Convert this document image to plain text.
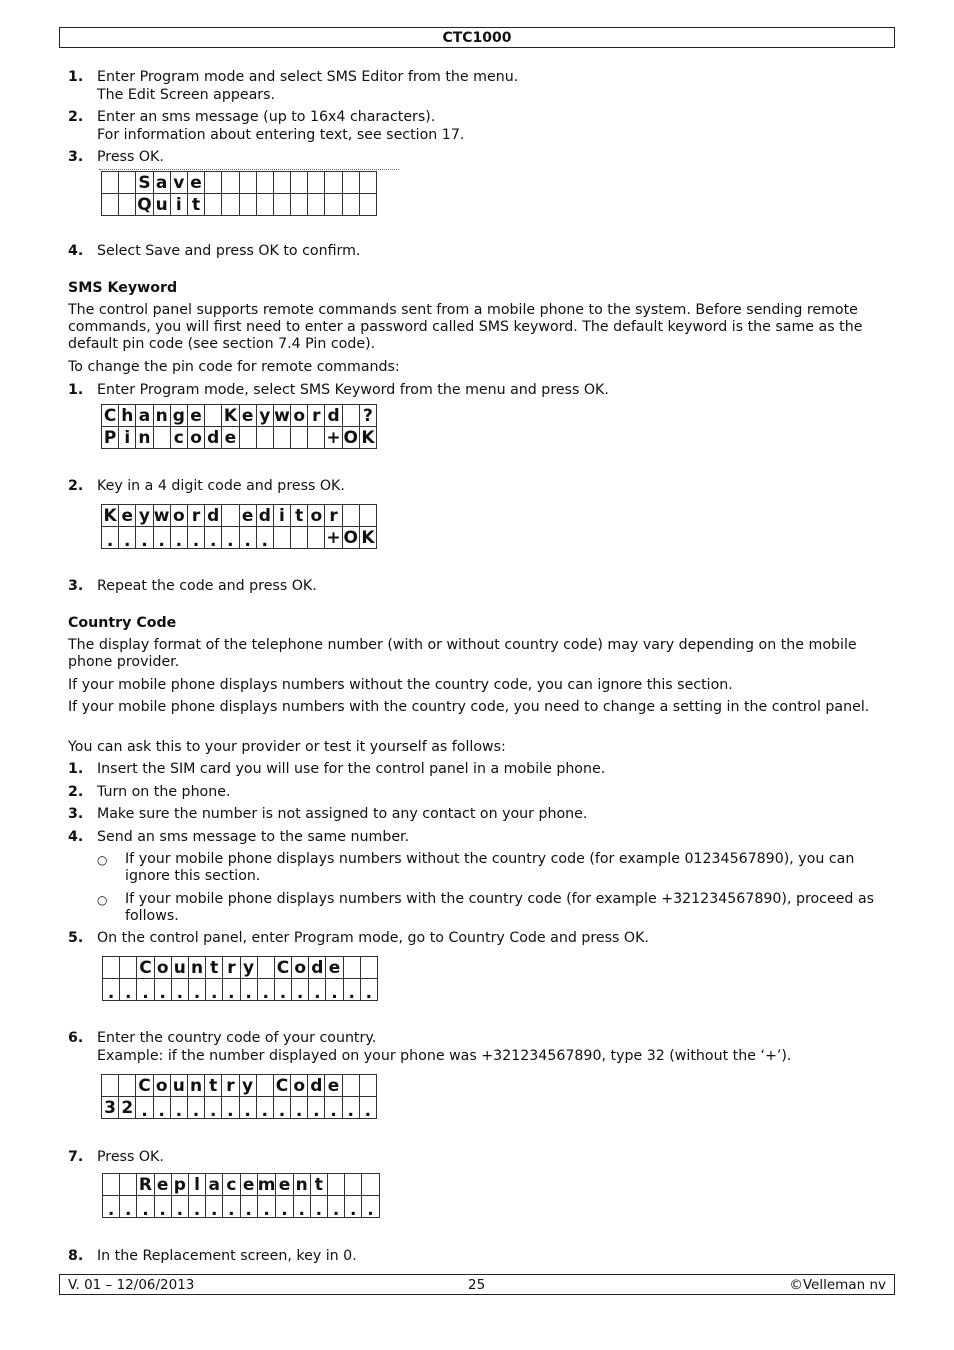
CTC1000
1. Enter Program mode and select SMS Editor from the menu.
The Edit Screen appears.
2. Enter an sms message (up to 16x4 characters).
For information about entering text, see section 17.
3. Press OK.
		S	a	v	e										
		Q	u	i	t										
4. Select Save and press OK to confirm.
SMS Keyword
The control panel supports remote commands sent from a mobile phone to the system. Before sending remote commands, you will first need to enter a password called SMS keyword. The default keyword is the same as the default pin code (see section 7.4 Pin code).
To change the pin code for remote commands:
1. Enter Program mode, select SMS Keyword from the menu and press OK.
C	h	a	n	g	e		K	e	y	w	o	r	d		?
P	i	n		c	o	d	e						+	O	K
2. Key in a 4 digit code and press OK.
K	e	y	w	o	r	d		e	d	i	t	o	r		
.	.	.	.	.	.	.	.	.	.				+	O	K
3. Repeat the code and press OK.
Country Code
The display format of the telephone number (with or without country code) may vary depending on the mobile phone provider.
If your mobile phone displays numbers without the country code, you can ignore this section.
If your mobile phone displays numbers with the country code, you need to change a setting in the control panel.
You can ask this to your provider or test it yourself as follows:
1. Insert the SIM card you will use for the control panel in a mobile phone.
2. Turn on the phone.
3. Make sure the number is not assigned to any contact on your phone.
4. Send an sms message to the same number.
○ If your mobile phone displays numbers without the country code (for example 01234567890), you can ignore this section.
○ If your mobile phone displays numbers with the country code (for example +321234567890), proceed as follows.
5. On the control panel, enter Program mode, go to Country Code and press OK.
		C	o	u	n	t	r	y		C	o	d	e		
.	.	.	.	.	.	.	.	.	.	.	.	.	.	.	.
6. Enter the country code of your country.
Example: if the number displayed on your phone was +321234567890, type 32 (without the ‘+’).
		C	o	u	n	t	r	y		C	o	d	e		
3	2	.	.	.	.	.	.	.	.	.	.	.	.	.	.
7. Press OK.
		R	e	p	l	a	c	e	m	e	n	t			
.	.	.	.	.	.	.	.	.	.	.	.	.	.	.	.
8. In the Replacement screen, key in 0.
V. 01 – 12/06/2013	25	©Velleman nv
